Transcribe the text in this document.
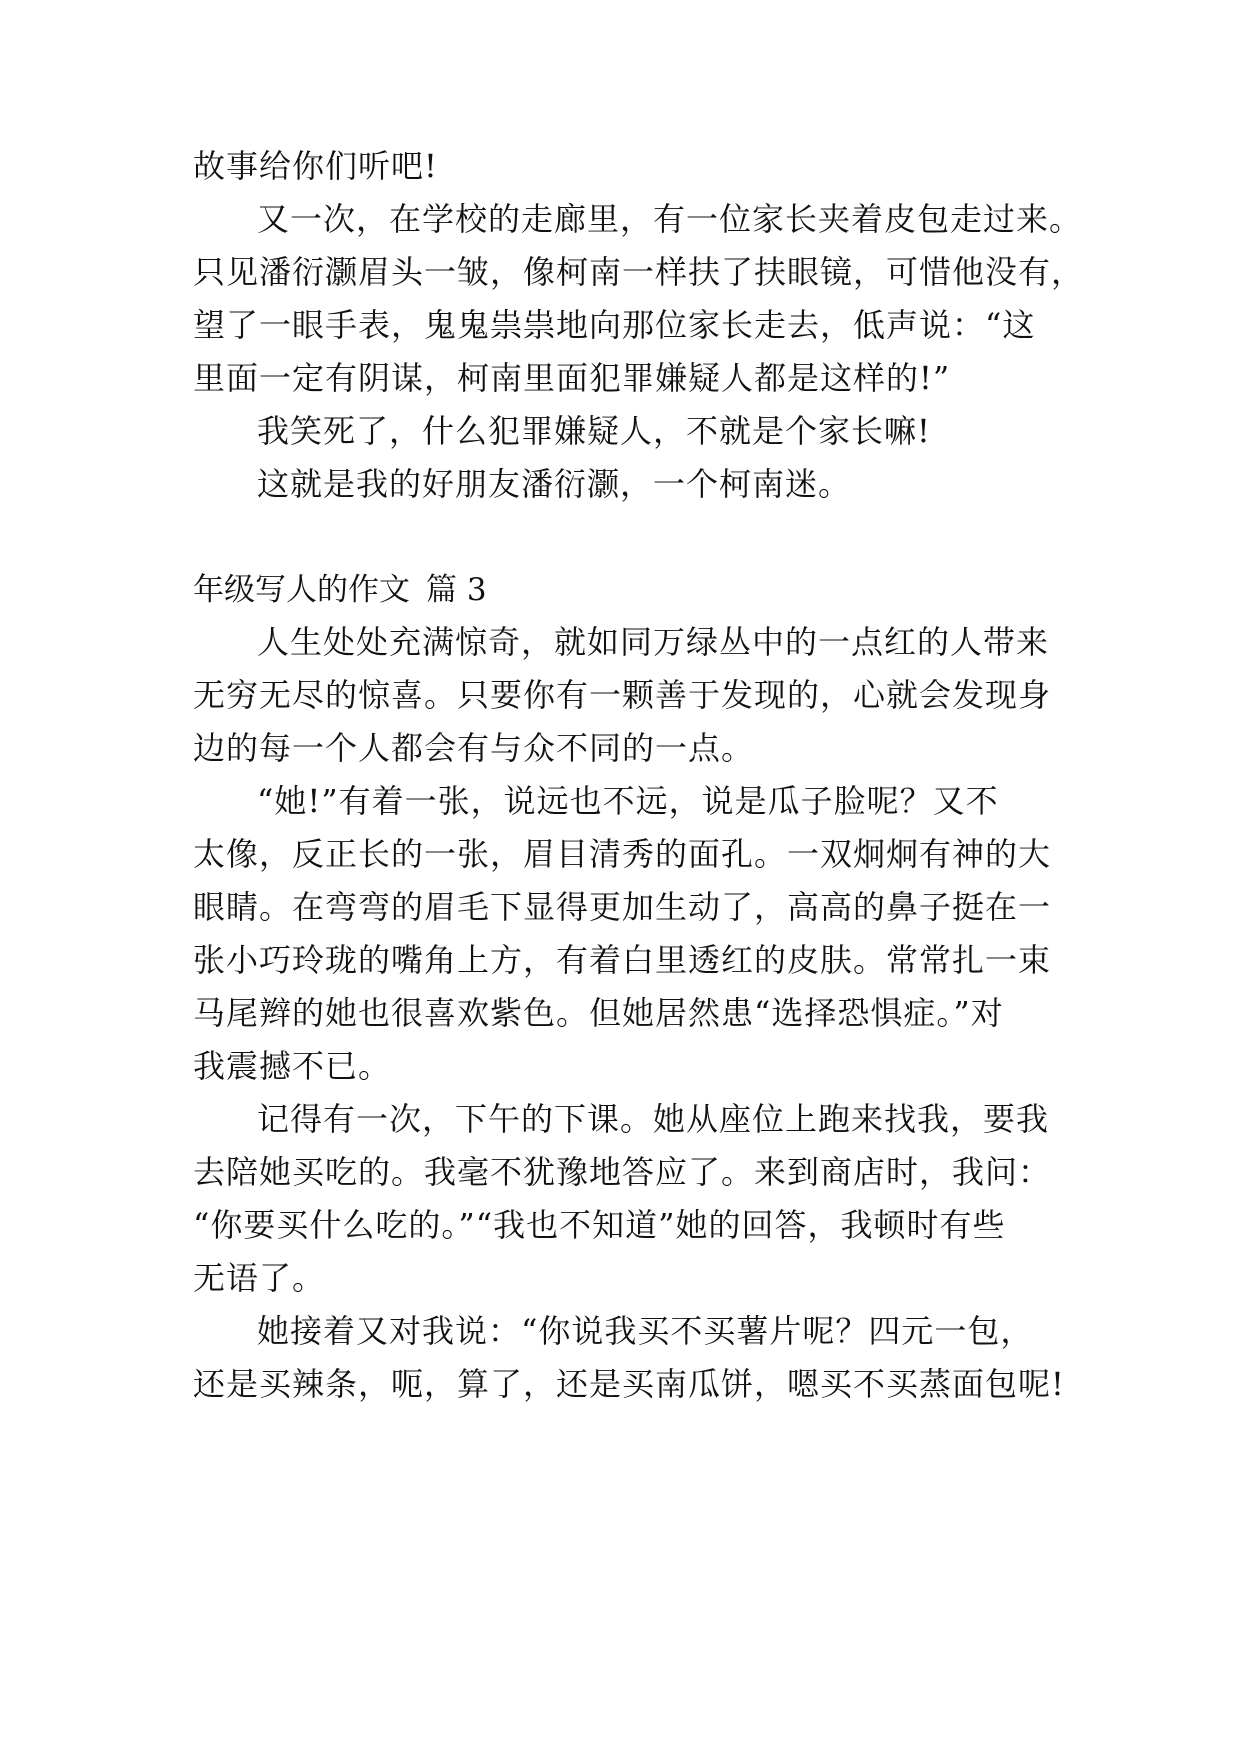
故事给你们听吧!
又一次，在学校的走廊里，有一位家长夹着皮包走过来。
只见潘衍灏眉头一皱，像柯南一样扶了扶眼镜，可惜他没有，
望了一眼手表，鬼鬼祟祟地向那位家长走去，低声说：“这
里面一定有阴谋，柯南里面犯罪嫌疑人都是这样的!”
我笑死了，什么犯罪嫌疑人，不就是个家长嘛!
这就是我的好朋友潘衍灏，一个柯南迷。
年级写人的作文 篇 3
人生处处充满惊奇，就如同万绿丛中的一点红的人带来
无穷无尽的惊喜。只要你有一颗善于发现的，心就会发现身
边的每一个人都会有与众不同的一点。
“她!”有着一张，说远也不远，说是瓜子脸呢？又不
太像，反正长的一张，眉目清秀的面孔。一双炯炯有神的大
眼睛。在弯弯的眉毛下显得更加生动了，高高的鼻子挺在一
张小巧玲珑的嘴角上方，有着白里透红的皮肤。常常扎一束
马尾辫的她也很喜欢紫色。但她居然患“选择恐惧症。”对
我震撼不已。
记得有一次，下午的下课。她从座位上跑来找我，要我
去陪她买吃的。我毫不犹豫地答应了。来到商店时，我问：
“你要买什么吃的。”“我也不知道”她的回答，我顿时有些
无语了。
她接着又对我说：“你说我买不买薯片呢？四元一包，
还是买辣条，呃，算了，还是买南瓜饼，嗯买不买蒸面包呢!
